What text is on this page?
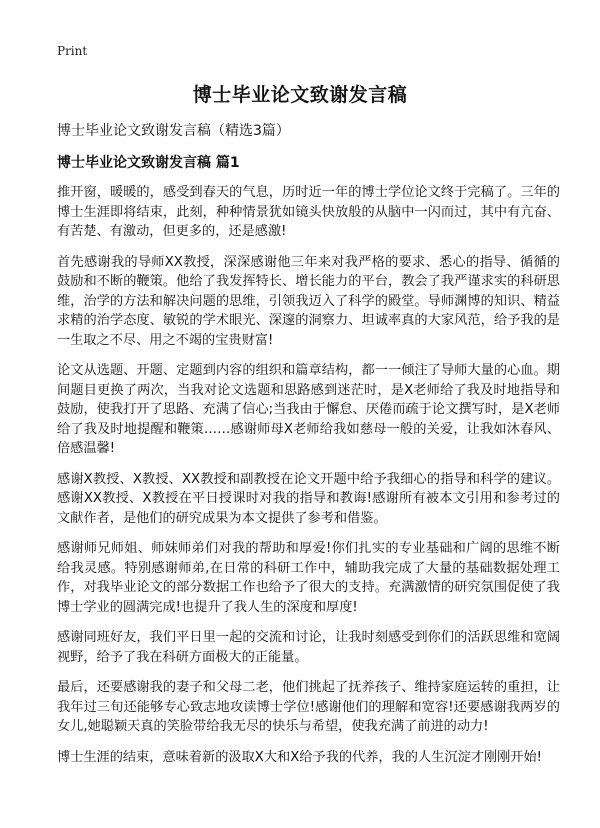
Print
博士毕业论文致谢发言稿
博士毕业论文致谢发言稿（精选3篇）
博士毕业论文致谢发言稿 篇1

推开窗，暖暖的，感受到春天的气息，历时近一年的博士学位论文终于完稿了。三年的博士生涯即将结束，此刻，种种情景犹如镜头快放般的从脑中一闪而过，其中有亢奋、有苦楚、有激动，但更多的，还是感激!

首先感谢我的导师XX教授，深深感谢他三年来对我严格的要求、悉心的指导、循循的鼓励和不断的鞭策。他给了我发挥特长、增长能力的平台，教会了我严谨求实的科研思维，治学的方法和解决问题的思维，引领我迈入了科学的殿堂。导师渊博的知识、精益求精的治学态度、敏锐的学术眼光、深邃的洞察力、坦诚率真的大家风范，给予我的是一生取之不尽、用之不竭的宝贵财富!

论文从选题、开题、定题到内容的组织和篇章结构，都一一倾注了导师大量的心血。期间题目更换了两次，当我对论文选题和思路感到迷茫时，是X老师给了我及时地指导和鼓励，使我打开了思路、充满了信心;当我由于懈怠、厌倦而疏于论文撰写时，是X老师给了我及时地提醒和鞭策……感谢师母X老师给我如慈母一般的关爱，让我如沐春风、倍感温馨!

感谢X教授、X教授、XX教授和副教授在论文开题中给予我细心的指导和科学的建议。感谢XX教授、X教授在平日授课时对我的指导和教诲!感谢所有被本文引用和参考过的文献作者，是他们的研究成果为本文提供了参考和借鉴。

感谢师兄师姐、师妹师弟们对我的帮助和厚爱!你们扎实的专业基础和广阔的思维不断给我灵感。特别感谢师弟,在日常的科研工作中，辅助我完成了大量的基础数据处理工作，对我毕业论文的部分数据工作也给予了很大的支持。充满激情的研究氛围促使了我博士学业的圆满完成!也提升了我人生的深度和厚度!

感谢同班好友，我们平日里一起的交流和讨论，让我时刻感受到你们的活跃思维和宽阔视野，给予了我在科研方面极大的正能量。

最后，还要感谢我的妻子和父母二老，他们挑起了抚养孩子、维持家庭运转的重担，让我年过三旬还能够专心致志地攻读博士学位!感谢他们的理解和宽容!还要感谢我两岁的女儿,她聪颖天真的笑脸带给我无尽的快乐与希望，使我充满了前进的动力!

博士生涯的结束，意味着新的汲取X大和X给予我的代养，我的人生沉淀才刚刚开始!
